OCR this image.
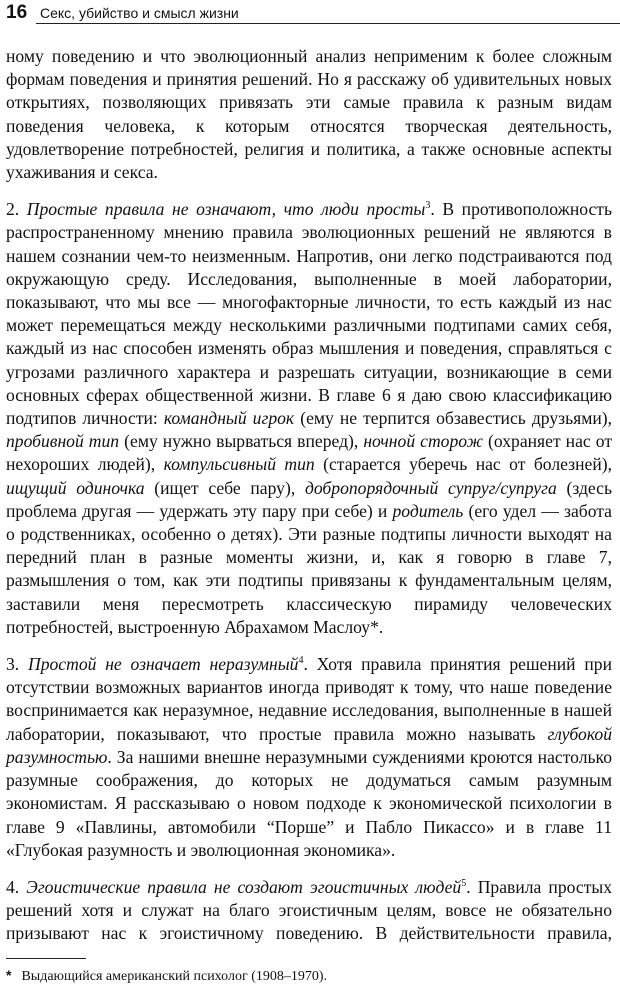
16 Секс, убийство и смысл жизни

ному поведению и что эволюционный анализ неприменим к более сложным формам поведения и принятия решений. Но я расскажу об удивительных новых открытиях, позволяющих привязать эти самые правила к разным видам поведения человека, к которым относятся творческая деятельность, удовлетворение потребностей, религия и политика, а также основные аспекты ухаживания и секса.

2. Простые правила не означают, что люди просты$^3$. В противоположность распространенному мнению правила эволюционных решений не являются в нашем сознании чем-то неизменным. Напротив, они легко подстраиваются под окружающую среду. Исследования, выполненные в моей лаборатории, показывают, что мы все — многофакторные личности, то есть каждый из нас может перемещаться между несколькими различными подтипами самих себя, каждый из нас способен изменять образ мышления и поведения, справляться с угрозами различного характера и разрешать ситуации, возникающие в семи основных сферах общественной жизни. В главе 6 я даю свою классификацию подтипов личности: командный игрок (ему не терпится обзавестись друзьями), пробивной тип (ему нужно вырваться вперед), ночной сторож (охраняет нас от нехороших людей), компульсивный тип (старается уберечь нас от болезней), ищущий одиночка (ищет себе пару), добропорядочный супруг/супруга (здесь проблема другая — удержать эту пару при себе) и родитель (его удел — забота о родственниках, особенно о детях). Эти разные подтипы личности выходят на передний план в разные моменты жизни, и, как я говорю в главе 7, размышления о том, как эти подтипы привязаны к фундаментальным целям, заставили меня пересмотреть классическую пирамиду человеческих потребностей, выстроенную Абрахамом Маслоу*.

3. Простой не означает неразумный$^4$. Хотя правила принятия решений при отсутствии возможных вариантов иногда приводят к тому, что наше поведение воспринимается как неразумное, недавние исследования, выполненные в нашей лаборатории, показывают, что простые правила можно называть глубокой разумностью. За нашими внешне неразумными суждениями кроются настолько разумные соображения, до которых не додуматься самым разумным экономистам. Я рассказываю о новом подходе к экономической психологии в главе 9 «Павлины, автомобили “Порше” и Пабло Пикассо» и в главе 11 «Глубокая разумность и эволюционная экономика».

4. Эгоистические правила не создают эгоистичных людей$^5$. Правила простых решений хотя и служат на благо эгоистичным целям, вовсе не обязательно призывают нас к эгоистичному поведению. В действительности правила,

* Выдающийся американский психолог (1908–1970).
